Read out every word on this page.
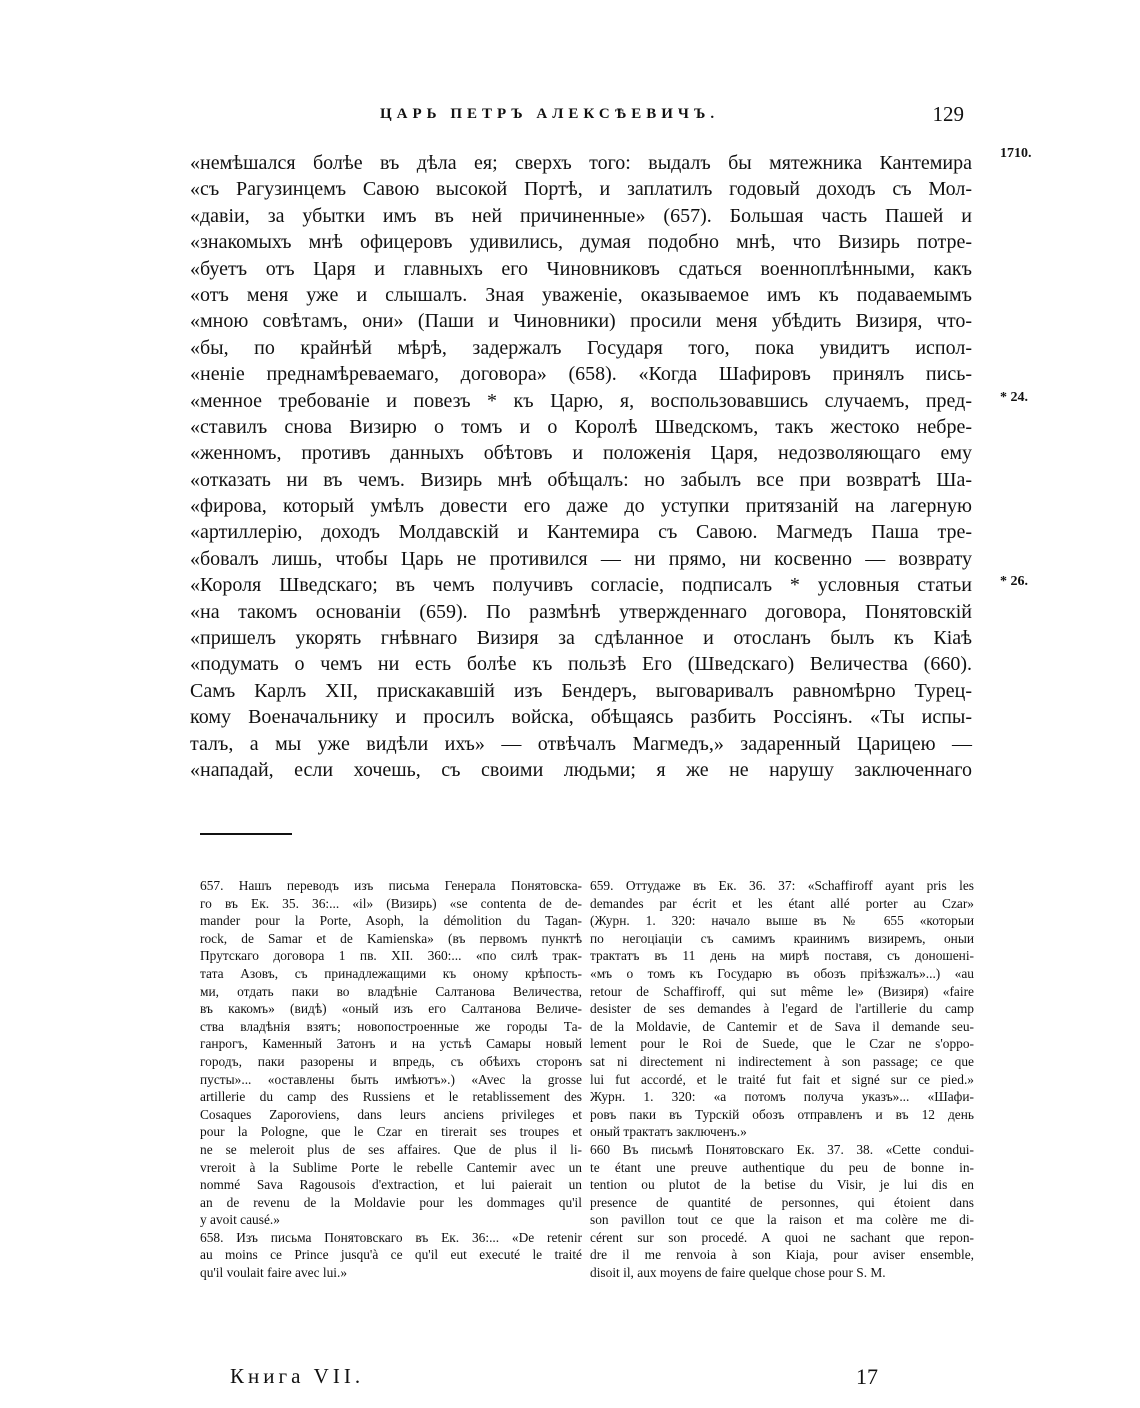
ЦАРЬ ПЕТРЪ АЛЕКСѢЕВИЧЪ.	129
1710.
* 24.
* 26.
«немѣшался болѣе въ дѣла ея; сверхъ того: выдалъ бы мятежника Кантемира
«съ Рагузинцемъ Савою высокой Портѣ, и заплатилъ годовый доходъ съ Мол-
«давіи, за убытки имъ въ ней причиненные» (657). Большая часть Пашей и
«знакомыхъ мнѣ офицеровъ удивились, думая подобно мнѣ, что Визирь потре-
«буетъ отъ Царя и главныхъ его Чиновниковъ сдаться военноплѣнными, какъ
«отъ меня уже и слышалъ. Зная уваженіе, оказываемое имъ къ подаваемымъ
«мною совѣтамъ, они» (Паши и Чиновники) просили меня убѣдить Визиря, что-
«бы, по крайнѣй мѣрѣ, задержалъ Государя того, пока увидитъ испол-
«неніе преднамѣреваемаго, договора» (658). «Когда Шафировъ принялъ пись-
«менное требованіе и повезъ * къ Царю, я, воспользовавшись случаемъ, пред-
«ставилъ снова Визирю о томъ и о Королѣ Шведскомъ, такъ жестоко небре-
«женномъ, противъ данныхъ обѣтовъ и положенія Царя, недозволяющаго ему
«отказать ни въ чемъ. Визирь мнѣ обѣщалъ: но забылъ все при возвратѣ Ша-
«фирова, который умѣлъ довести его даже до уступки притязаній на лагерную
«артиллерію, доходъ Молдавскій и Кантемира съ Савою. Магмедъ Паша тре-
«бовалъ лишь, чтобы Царь не противился — ни прямо, ни косвенно — возврату
«Короля Шведскаго; въ чемъ получивъ согласіе, подписалъ * условныя статьи
«на такомъ основаніи (659). По размѣнѣ утвержденнаго договора, Понятовскій
«пришелъ укорять гнѣвнаго Визиря за сдѣланное и отосланъ былъ къ Кіаѣ
«подумать о чемъ ни есть болѣе къ пользѣ Его (Шведскаго) Величества (660).
Самъ Карлъ XII, прискакавшій изъ Бендеръ, выговаривалъ равномѣрно Турец-
кому Военачальнику и просилъ войска, обѣщаясь разбить Россіянъ. «Ты испы-
талъ, а мы уже видѣли ихъ» — отвѣчалъ Магмедъ,» задаренный Царицею —
«нападай, если хочешь, съ своими людьми; я же не нарушу заключеннаго
657. Нашъ переводъ изъ письма Генерала Понятовска-
го въ Ек. 35. 36:... «il» (Визирь) «se contenta de de-
mander pour la Porte, Asoph, la démolition du Tagan-
rock, de Samar et de Kamienska» (въ первомъ пунктѣ
Прутскаго договора 1 пв. XII. 360:... «по силѣ трак-
тата Азовъ, съ принадлежащими къ оному крѣпость-
ми, отдать паки во владѣніе Салтанова Величества,
въ какомъ» (видѣ) «оный изъ его Салтанова Величе-
ства владѣнія взятъ; новопостроенные же городы Та-
ганрогъ, Каменный Затонъ и на устьѣ Самары новый
городъ, паки разорены и впредь, съ обѣихъ сторонъ
пусты»... «оставлены быть имѣютъ».) «Avec la grosse
artillerie du camp des Russiens et le retablissement des
Cosaques Zaporoviens, dans leurs anciens privileges et
pour la Pologne, que le Czar en tirerait ses troupes et
ne se meleroit plus de ses affaires. Que de plus il li-
vreroit à la Sublime Porte le rebelle Cantemir avec un
nommé Sava Ragousois d'extraction, et lui paierait un
an de revenu de la Moldavie pour les dommages qu'il
y avoit causé.»
658. Изъ письма Понятовскаго въ Ек. 36:... «De retenir
au moins ce Prince jusqu'à ce qu'il eut executé le traité
qu'il voulait faire avec lui.»
659. Оттудаже въ Ек. 36. 37: «Schaffiroff ayant pris les
demandes par écrit et les étant allé porter au Czar»
(Журн. 1. 320: начало выше въ № 655 «которыи
по негоціаціи съ самимъ краинимъ визиремъ, оныи
трактатъ въ 11 день на мирѣ поставя, съ доношені-
«мъ о томъ къ Государю въ обозъ пріѣзжалъ»...) «au
retour de Schaffiroff, qui sut même le» (Визиря) «faire
desister de ses demandes à l'egard de l'artillerie du camp
de la Moldavie, de Cantemir et de Sava il demande seu-
lement pour le Roi de Suede, que le Czar ne s'oppo-
sat ni directement ni indirectement à son passage; ce que
lui fut accordé, et le traité fut fait et signé sur ce pied.»
Журн. 1. 320: «а потомъ получа указъ»... «Шафи-
ровъ паки въ Турскій обозъ отправленъ и въ 12 день
оный трактатъ заключенъ.»
660 Въ письмѣ Понятовскаго Ек. 37. 38. «Cette condui-
te étant une preuve authentique du peu de bonne in-
tention ou plutot de la betise du Visir, je lui dis en
presence de quantité de personnes, qui étoient dans
son pavillon tout ce que la raison et ma colère me di-
cérent sur son procedé. A quoi ne sachant que repon-
dre il me renvoia à son Kiaja, pour aviser ensemble,
disoit il, aux moyens de faire quelque chose pour S. M.
Книга VII.	17
